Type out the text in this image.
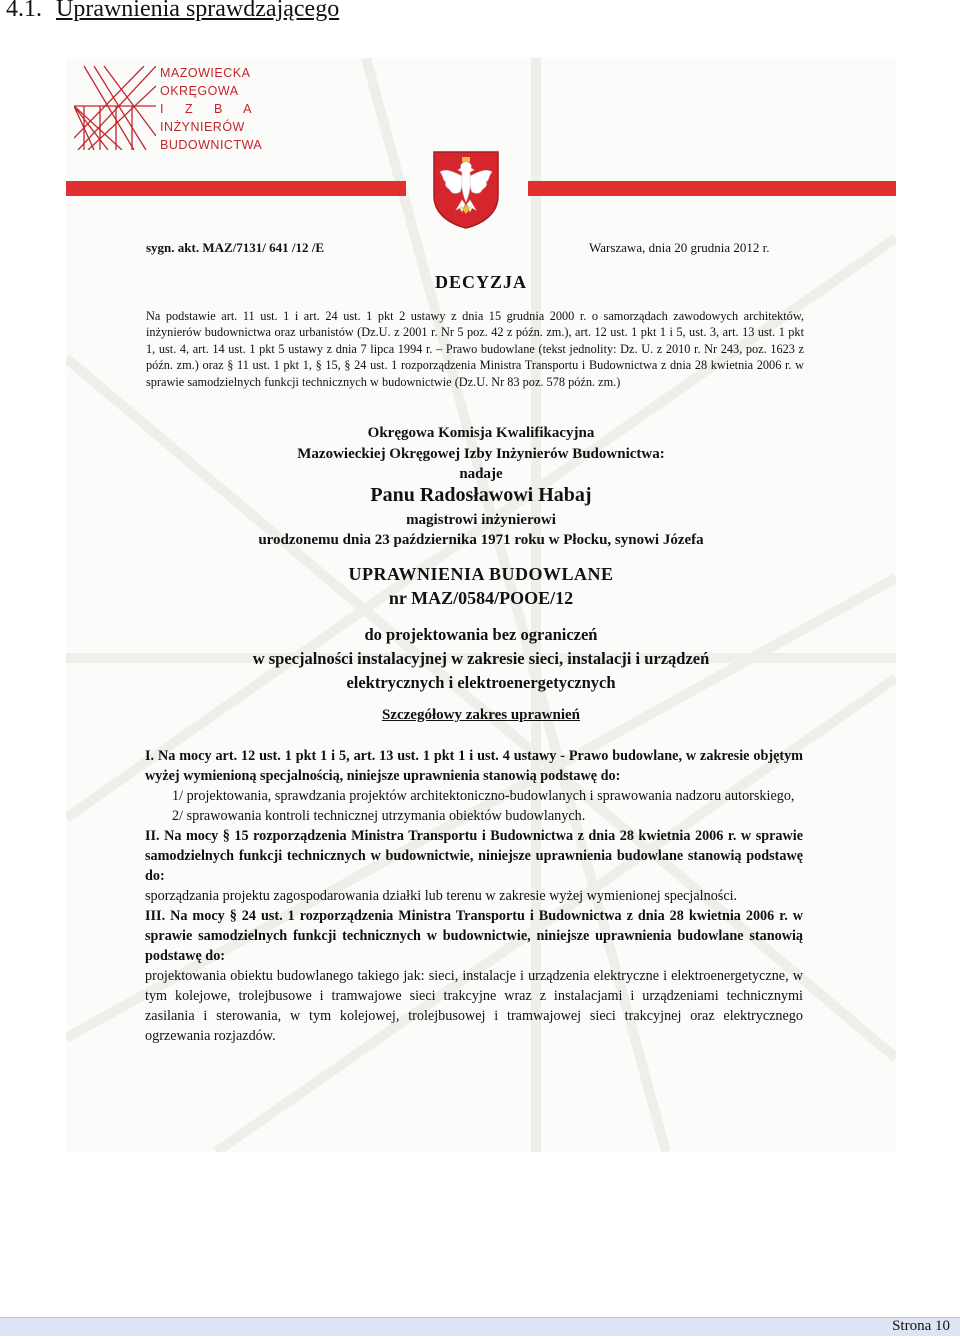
4.1. Uprawnienia sprawdzającego
MAZOWIECKA
OKRĘGOWA
I Z B A
INŻYNIERÓW
BUDOWNICTWA
sygn. akt. MAZ/7131/ 641 /12 /E	Warszawa, dnia 20 grudnia 2012 r.
DECYZJA
Na podstawie art. 11 ust. 1 i art. 24 ust. 1 pkt 2 ustawy z dnia 15 grudnia 2000 r. o samorządach zawodowych architektów, inżynierów budownictwa oraz urbanistów (Dz.U. z 2001 r. Nr 5 poz. 42 z późn. zm.), art. 12 ust. 1 pkt 1 i 5, ust. 3, art. 13 ust. 1 pkt 1, ust. 4, art. 14 ust. 1 pkt 5 ustawy z dnia 7 lipca 1994 r. – Prawo budowlane (tekst jednolity: Dz. U. z 2010 r. Nr 243, poz. 1623 z późn. zm.) oraz § 11 ust. 1 pkt 1, § 15, § 24 ust. 1 rozporządzenia Ministra Transportu i Budownictwa z dnia 28 kwietnia 2006 r. w sprawie samodzielnych funkcji technicznych w budownictwie (Dz.U. Nr 83 poz. 578 późn. zm.)
Okręgowa Komisja Kwalifikacyjna
Mazowieckiej Okręgowej Izby Inżynierów Budownictwa:
nadaje
Panu Radosławowi Habaj
magistrowi inżynierowi
urodzonemu dnia 23 października 1971 roku w Płocku, synowi Józefa
UPRAWNIENIA BUDOWLANE
nr MAZ/0584/POOE/12
do projektowania bez ograniczeń
w specjalności instalacyjnej w zakresie sieci, instalacji i urządzeń
elektrycznych i elektroenergetycznych
Szczegółowy zakres uprawnień

I. Na mocy art. 12 ust. 1 pkt 1 i 5, art. 13 ust. 1 pkt 1 i ust. 4 ustawy - Prawo budowlane, w zakresie objętym wyżej wymienioną specjalnością, niniejsze uprawnienia stanowią podstawę do:

1/ projektowania, sprawdzania projektów architektoniczno-budowlanych i sprawowania nadzoru autorskiego,

2/ sprawowania kontroli technicznej utrzymania obiektów budowlanych.

II. Na mocy § 15 rozporządzenia Ministra Transportu i Budownictwa z dnia 28 kwietnia 2006 r. w sprawie samodzielnych funkcji technicznych w budownictwie, niniejsze uprawnienia budowlane stanowią podstawę do:

sporządzania projektu zagospodarowania działki lub terenu w zakresie wyżej wymienionej specjalności.

III. Na mocy § 24 ust. 1 rozporządzenia Ministra Transportu i Budownictwa z dnia 28 kwietnia 2006 r. w sprawie samodzielnych funkcji technicznych w budownictwie, niniejsze uprawnienia budowlane stanowią podstawę do:

projektowania obiektu budowlanego takiego jak: sieci, instalacje i urządzenia elektryczne i elektroenergetyczne, w tym kolejowe, trolejbusowe i tramwajowe sieci trakcyjne wraz z instalacjami i urządzeniami technicznymi zasilania i sterowania, w tym kolejowej, trolejbusowej i tramwajowej sieci trakcyjnej oraz elektrycznego ogrzewania rozjazdów.

Strona 10
